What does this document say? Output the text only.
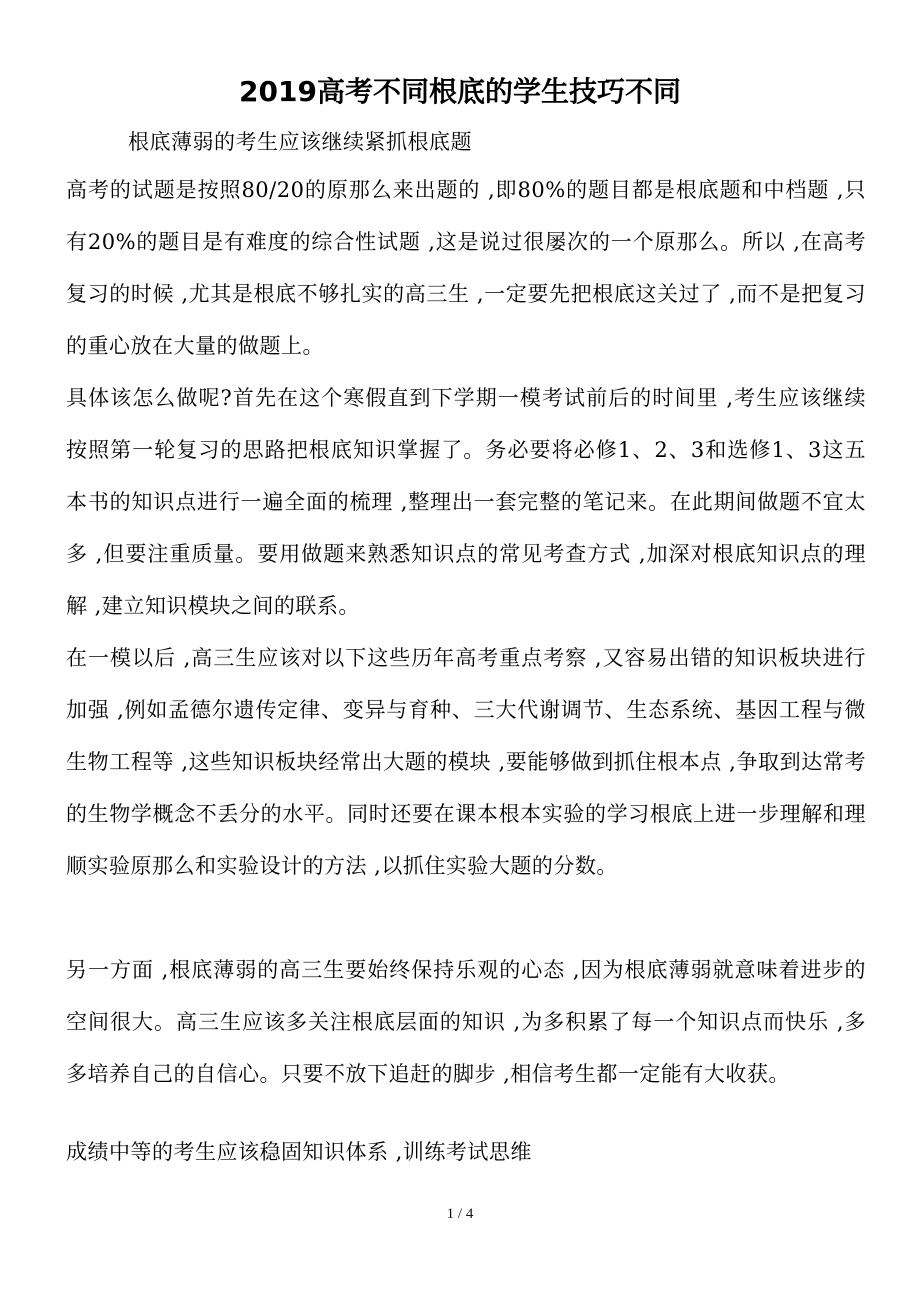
2019高考不同根底的学生技巧不同

根底薄弱的考生应该继续紧抓根底题

高考的试题是按照80/20的原那么来出题的 ,即80%的题目都是根底题和中档题 ,只有20%的题目是有难度的综合性试题 ,这是说过很屡次的一个原那么。所以 ,在高考复习的时候 ,尤其是根底不够扎实的高三生 ,一定要先把根底这关过了 ,而不是把复习的重心放在大量的做题上。

具体该怎么做呢?首先在这个寒假直到下学期一模考试前后的时间里 ,考生应该继续按照第一轮复习的思路把根底知识掌握了。务必要将必修1、2、3和选修1、3这五本书的知识点进行一遍全面的梳理 ,整理出一套完整的笔记来。在此期间做题不宜太多 ,但要注重质量。要用做题来熟悉知识点的常见考查方式 ,加深对根底知识点的理解 ,建立知识模块之间的联系。

在一模以后 ,高三生应该对以下这些历年高考重点考察 ,又容易出错的知识板块进行加强 ,例如孟德尔遗传定律、变异与育种、三大代谢调节、生态系统、基因工程与微生物工程等 ,这些知识板块经常出大题的模块 ,要能够做到抓住根本点 ,争取到达常考的生物学概念不丢分的水平。同时还要在课本根本实验的学习根底上进一步理解和理顺实验原那么和实验设计的方法 ,以抓住实验大题的分数。

另一方面 ,根底薄弱的高三生要始终保持乐观的心态 ,因为根底薄弱就意味着进步的空间很大。高三生应该多关注根底层面的知识 ,为多积累了每一个知识点而快乐 ,多多培养自己的自信心。只要不放下追赶的脚步 ,相信考生都一定能有大收获。

成绩中等的考生应该稳固知识体系 ,训练考试思维

1 / 4
